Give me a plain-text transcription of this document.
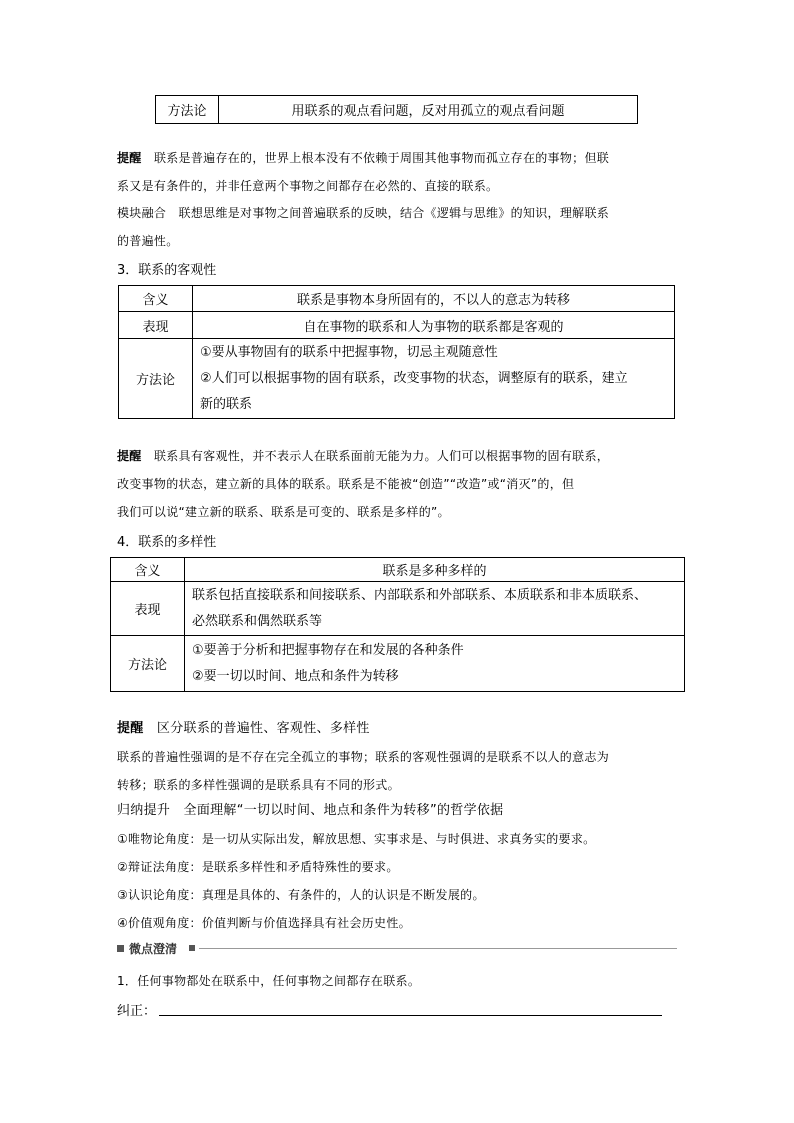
方法论	用联系的观点看问题，反对用孤立的观点看问题
提醒 联系是普遍存在的，世界上根本没有不依赖于周围其他事物而孤立存在的事物；但联
系又是有条件的，并非任意两个事物之间都存在必然的、直接的联系。
模块融合 联想思维是对事物之间普遍联系的反映，结合《逻辑与思维》的知识，理解联系
的普遍性。
3．联系的客观性
含义	联系是事物本身所固有的，不以人的意志为转移
表现	自在事物的联系和人为事物的联系都是客观的
方法论	①要从事物固有的联系中把握事物，切忌主观随意性
②人们可以根据事物的固有联系，改变事物的状态，调整原有的联系，建立
新的联系
提醒 联系具有客观性，并不表示人在联系面前无能为力。人们可以根据事物的固有联系，
改变事物的状态，建立新的具体的联系。联系是不能被“创造”“改造”或“消灭”的，但
我们可以说“建立新的联系、联系是可变的、联系是多样的”。
4．联系的多样性
含义	联系是多种多样的
表现	联系包括直接联系和间接联系、内部联系和外部联系、本质联系和非本质联系、
必然联系和偶然联系等

方法论	①要善于分析和把握事物存在和发展的各种条件
②要一切以时间、地点和条件为转移
提醒 区分联系的普遍性、客观性、多样性
联系的普遍性强调的是不存在完全孤立的事物；联系的客观性强调的是联系不以人的意志为
转移；联系的多样性强调的是联系具有不同的形式。
归纳提升 全面理解“一切以时间、地点和条件为转移”的哲学依据
①唯物论角度：是一切从实际出发，解放思想、实事求是、与时俱进、求真务实的要求。
②辩证法角度：是联系多样性和矛盾特殊性的要求。
③认识论角度：真理是具体的、有条件的，人的认识是不断发展的。
④价值观角度：价值判断与价值选择具有社会历史性。
微点澄清
1．任何事物都处在联系中，任何事物之间都存在联系。
纠正：
